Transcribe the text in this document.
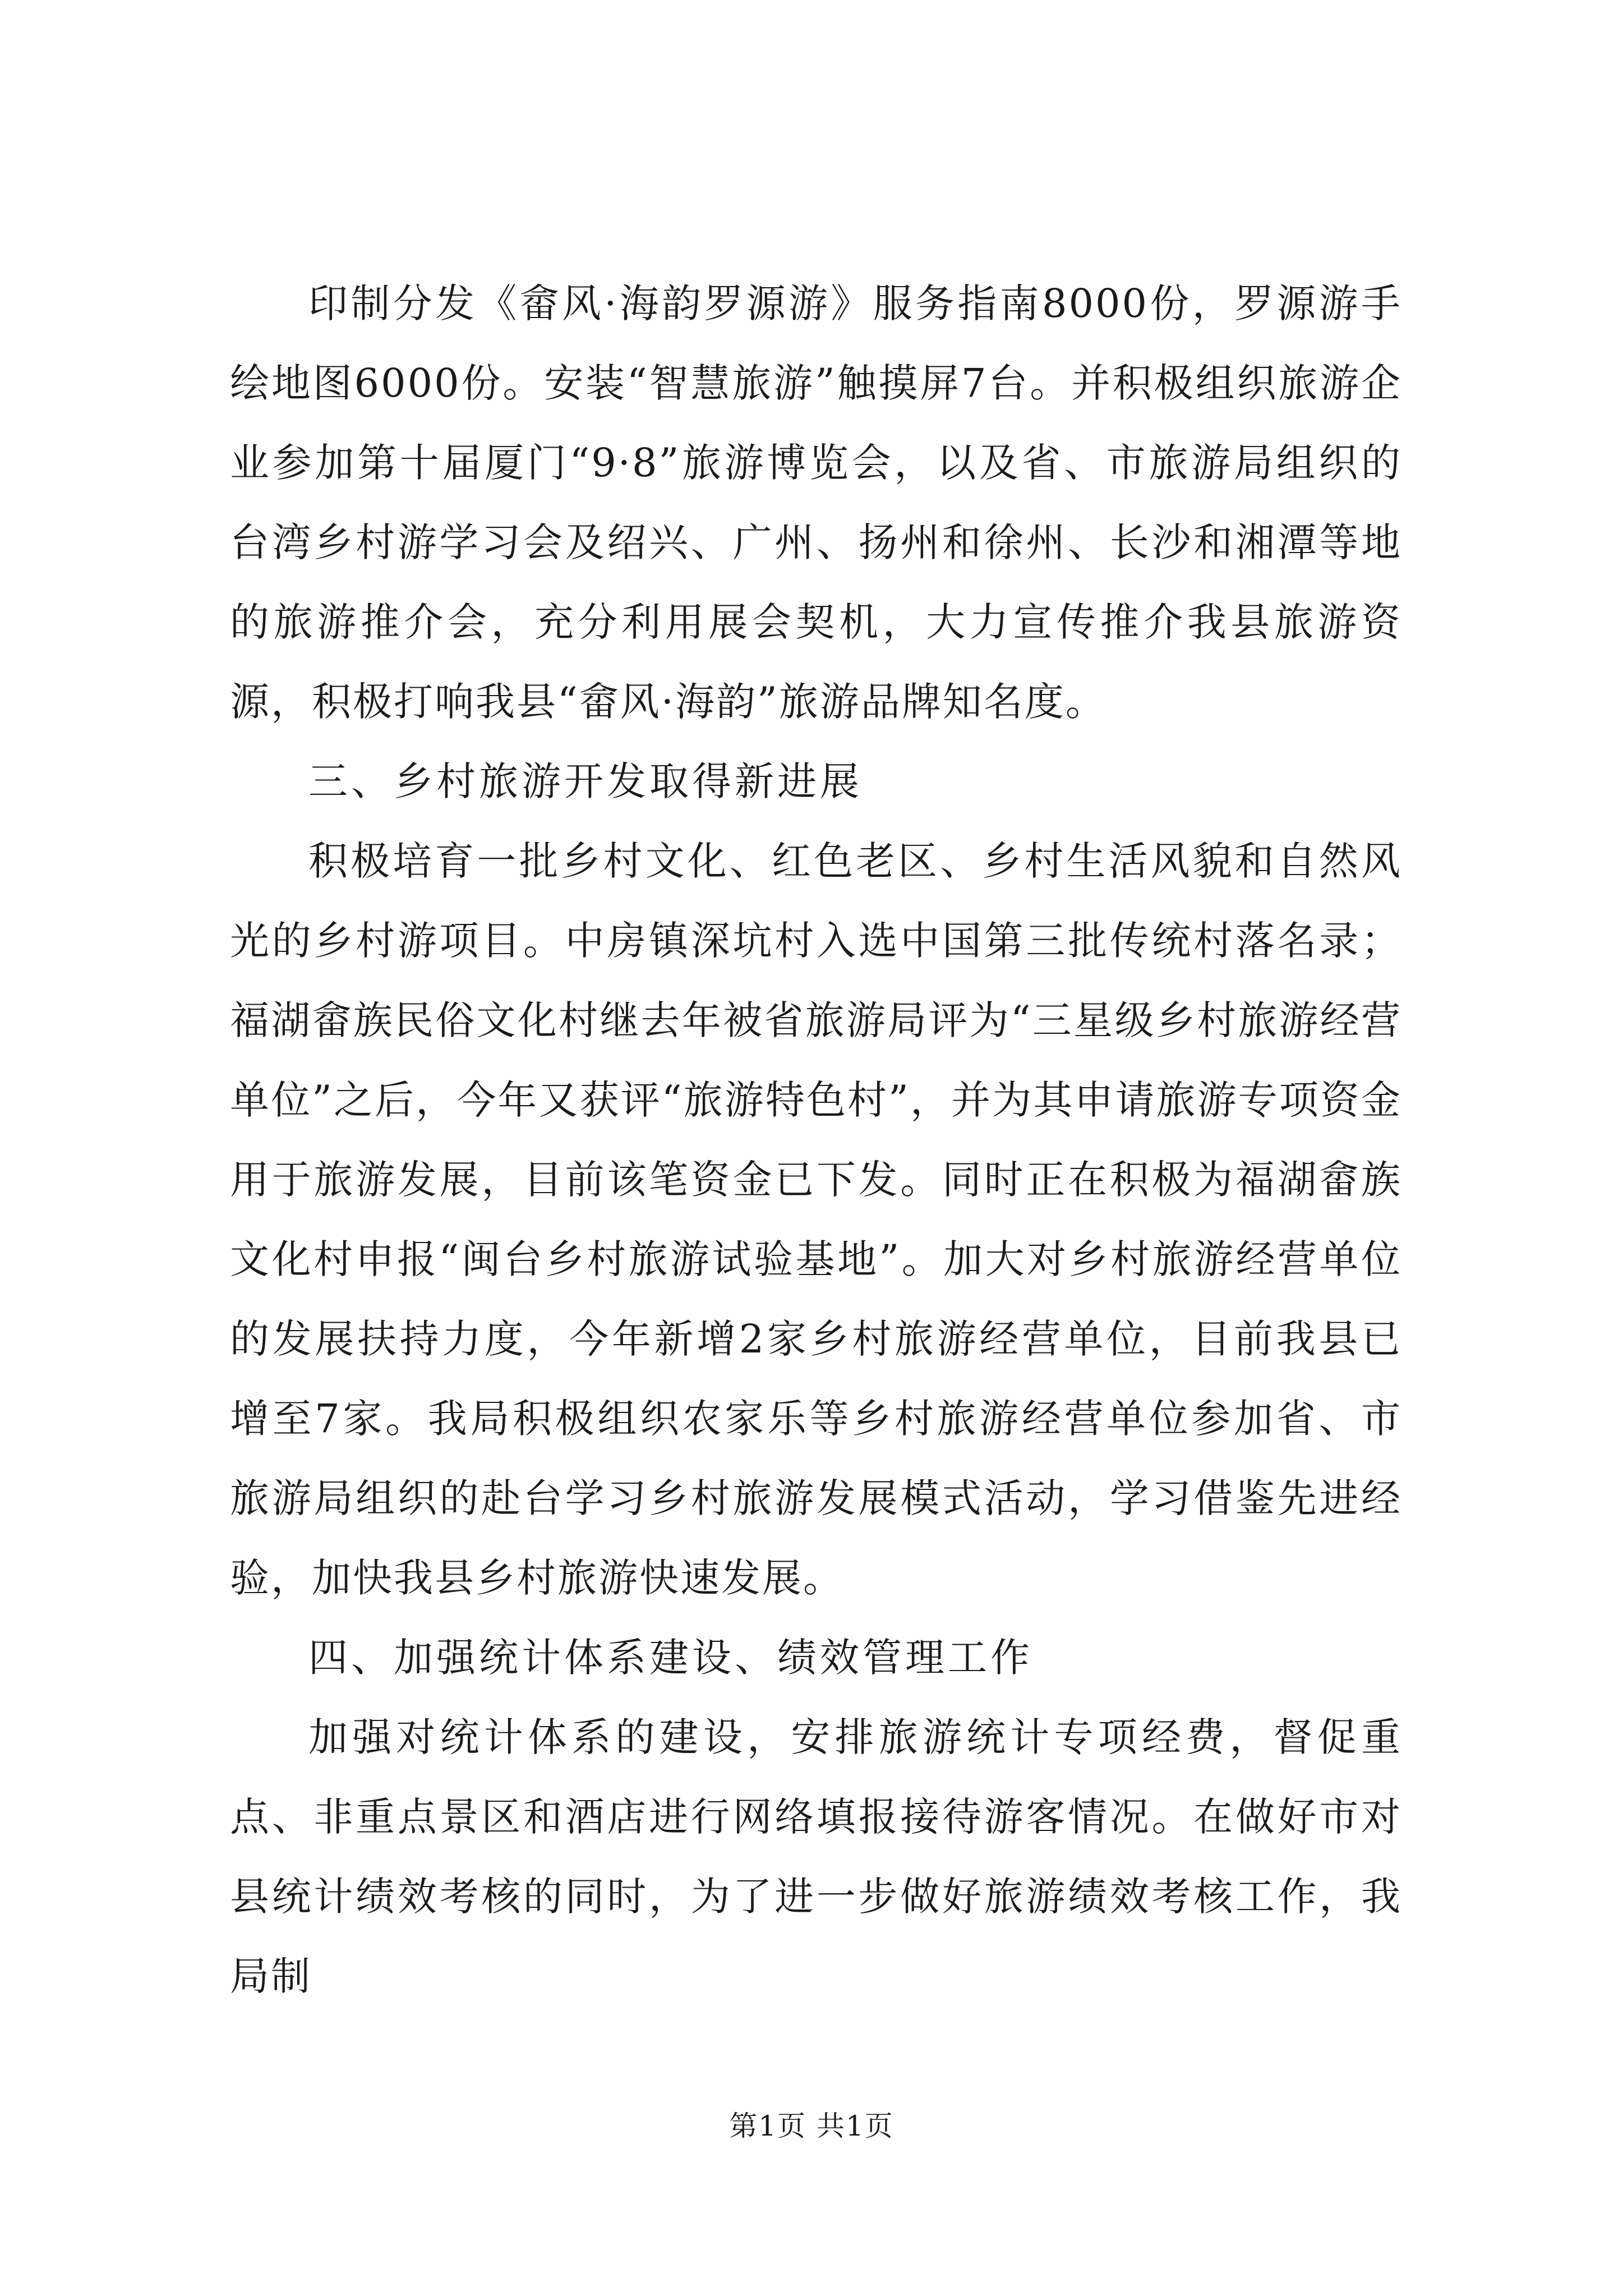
印制分发《畲风·海韵罗源游》服务指南8000份，罗源游手绘地图6000份。安装“智慧旅游”触摸屏7台。并积极组织旅游企业参加第十届厦门“9·8”旅游博览会，以及省、市旅游局组织的台湾乡村游学习会及绍兴、广州、扬州和徐州、长沙和湘潭等地的旅游推介会，充分利用展会契机，大力宣传推介我县旅游资源，积极打响我县“畲风·海韵”旅游品牌知名度。

三、乡村旅游开发取得新进展

积极培育一批乡村文化、红色老区、乡村生活风貌和自然风光的乡村游项目。中房镇深坑村入选中国第三批传统村落名录；福湖畲族民俗文化村继去年被省旅游局评为“三星级乡村旅游经营单位”之后，今年又获评“旅游特色村”，并为其申请旅游专项资金用于旅游发展，目前该笔资金已下发。同时正在积极为福湖畲族文化村申报“闽台乡村旅游试验基地”。加大对乡村旅游经营单位的发展扶持力度，今年新增2家乡村旅游经营单位，目前我县已增至7家。我局积极组织农家乐等乡村旅游经营单位参加省、市旅游局组织的赴台学习乡村旅游发展模式活动，学习借鉴先进经验，加快我县乡村旅游快速发展。

四、加强统计体系建设、绩效管理工作

加强对统计体系的建设，安排旅游统计专项经费，督促重点、非重点景区和酒店进行网络填报接待游客情况。在做好市对县统计绩效考核的同时，为了进一步做好旅游绩效考核工作，我局制

第1页 共1页
